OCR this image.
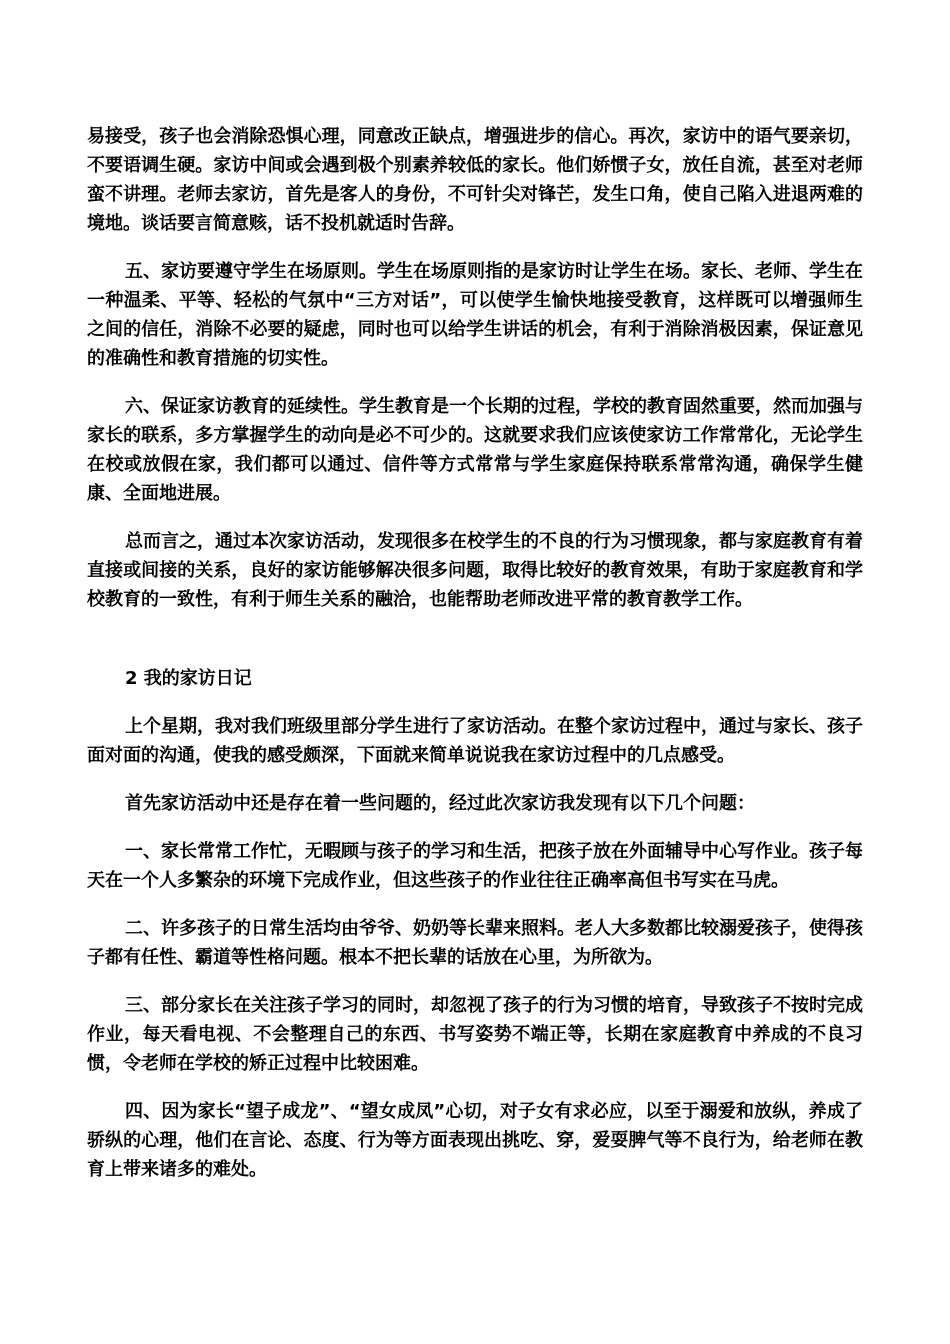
易接受，孩子也会消除恐惧心理，同意改正缺点，增强进步的信心。再次，家访中的语气要亲切，不要语调生硬。家访中间或会遇到极个别素养较低的家长。他们娇惯子女，放任自流，甚至对老师蛮不讲理。老师去家访，首先是客人的身份，不可针尖对锋芒，发生口角，使自己陷入进退两难的境地。谈话要言简意赅，话不投机就适时告辞。

五、家访要遵守学生在场原则。学生在场原则指的是家访时让学生在场。家长、老师、学生在一种温柔、平等、轻松的气氛中“三方对话”，可以使学生愉快地接受教育，这样既可以增强师生之间的信任，消除不必要的疑虑，同时也可以给学生讲话的机会，有利于消除消极因素，保证意见的准确性和教育措施的切实性。

六、保证家访教育的延续性。学生教育是一个长期的过程，学校的教育固然重要，然而加强与家长的联系，多方掌握学生的动向是必不可少的。这就要求我们应该使家访工作常常化，无论学生在校或放假在家，我们都可以通过、信件等方式常常与学生家庭保持联系常常沟通，确保学生健康、全面地进展。

总而言之，通过本次家访活动，发现很多在校学生的不良的行为习惯现象，都与家庭教育有着直接或间接的关系，良好的家访能够解决很多问题，取得比较好的教育效果，有助于家庭教育和学校教育的一致性，有利于师生关系的融洽，也能帮助老师改进平常的教育教学工作。

2 我的家访日记

上个星期，我对我们班级里部分学生进行了家访活动。在整个家访过程中，通过与家长、孩子面对面的沟通，使我的感受颇深，下面就来简单说说我在家访过程中的几点感受。

首先家访活动中还是存在着一些问题的，经过此次家访我发现有以下几个问题：

一、家长常常工作忙，无暇顾与孩子的学习和生活，把孩子放在外面辅导中心写作业。孩子每天在一个人多繁杂的环境下完成作业，但这些孩子的作业往往正确率高但书写实在马虎。

二、许多孩子的日常生活均由爷爷、奶奶等长辈来照料。老人大多数都比较溺爱孩子，使得孩子都有任性、霸道等性格问题。根本不把长辈的话放在心里，为所欲为。

三、部分家长在关注孩子学习的同时，却忽视了孩子的行为习惯的培育，导致孩子不按时完成作业，每天看电视、不会整理自己的东西、书写姿势不端正等，长期在家庭教育中养成的不良习惯，令老师在学校的矫正过程中比较困难。

四、因为家长“望子成龙”、“望女成凤”心切，对子女有求必应，以至于溺爱和放纵，养成了骄纵的心理，他们在言论、态度、行为等方面表现出挑吃、穿，爱耍脾气等不良行为，给老师在教育上带来诸多的难处。
